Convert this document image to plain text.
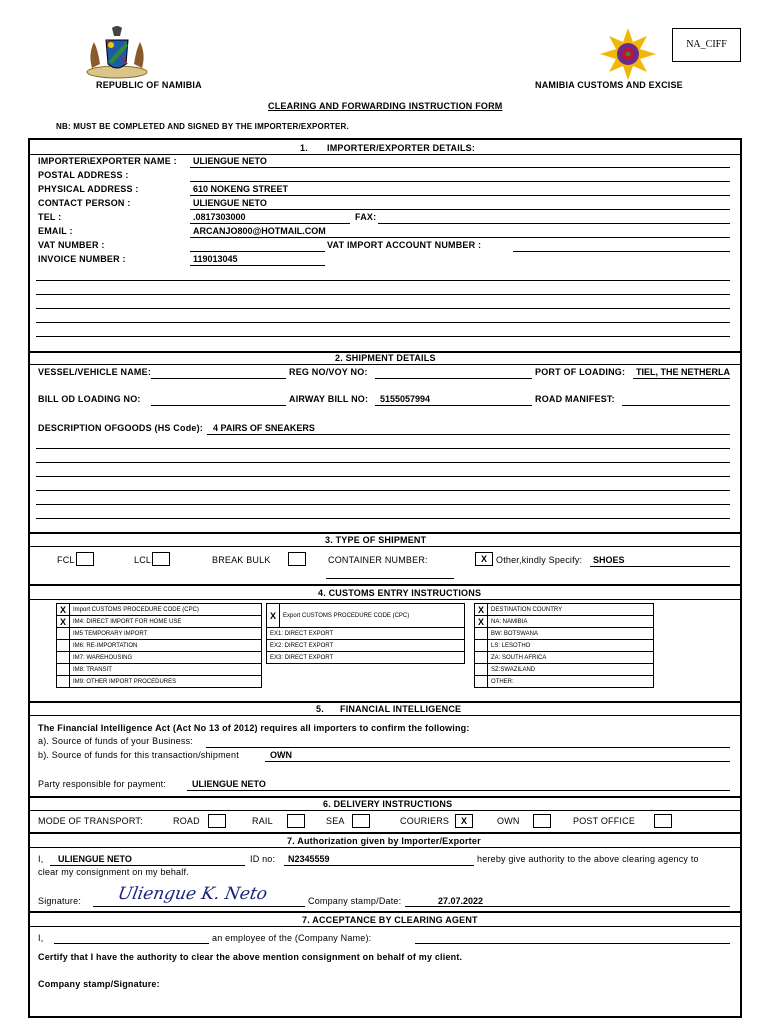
NA_CIFF
REPUBLIC OF NAMIBIA	NAMIBIA CUSTOMS AND EXCISE
CLEARING AND FORWARDING INSTRUCTION FORM
NB: MUST BE COMPLETED AND SIGNED BY THE IMPORTER/EXPORTER.
1. IMPORTER/EXPORTER DETAILS:
IMPORTER\EXPORTER NAME : ULIENGUE NETO
POSTAL ADDRESS :
PHYSICAL ADDRESS :	610 NOKENG STREET
CONTACT PERSON :	ULIENGUE NETO
TEL :	.0817303000	FAX:
EMAIL :	ARCANJO800@HOTMAIL.COM
VAT NUMBER :	VAT IMPORT ACCOUNT NUMBER :
INVOICE NUMBER :	119013045
2. SHIPMENT DETAILS
VESSEL/VEHICLE NAME:	REG NO/VOY NO:	PORT OF LOADING: TIEL, THE NETHERLA
BILL OD LOADING NO:	AIRWAY BILL NO: 5155057994	ROAD MANIFEST:
DESCRIPTION OFGOODS (HS Code): 4 PAIRS OF SNEAKERS
3. TYPE OF SHIPMENT
FCL	LCL	BREAK BULK	CONTAINER NUMBER:	X	Other,kindly Specify: SHOES
4. CUSTOMS ENTRY INSTRUCTIONS
X	Import CUSTOMS PROCEDURE CODE (CPC)
X	IM4: DIRECT IMPORT FOR HOME USE
	IM5 TEMPORARY IMPORT
	IM6: RE-IMPORTATION
	IM7: WAREHOUSING
	IM8: TRANSIT
	IM9: OTHER IMPORT PROCEDURES
X	Export CUSTOMS PROCEDURE CODE (CPC)
EX1: DIRECT EXPORT
EX2: DIRECT EXPORT
EX3: DIRECT EXPORT
X	DESTINATION COUNTRY
X	NA: NAMIBIA
	BW: BOTSWANA
	LS: LESOTHO
	ZA: SOUTH AFRICA
	SZ:SWAZILAND
	OTHER:
5. FINANCIAL INTELLIGENCE
The Financial Intelligence Act (Act No 13 of 2012) requires all importers to confirm the following:
a). Source of funds of your Business:
b). Source of funds for this transaction/shipment	OWN
Party responsible for payment:	ULIENGUE NETO
6. DELIVERY INSTRUCTIONS
MODE OF TRANSPORT:	ROAD	RAIL	SEA	COURIERS	X	OWN	POST OFFICE
7. Authorization given by Importer/Exporter
I, ULIENGUE NETO	ID no: N2345559	hereby give authority to the above clearing agency to
clear my consignment on my behalf.
Signature: Uliengue K. Neto	Company stamp/Date:	27.07.2022
7. ACCEPTANCE BY CLEARING AGENT
I,	an employee of the (Company Name):
Certify that I have the authority to clear the above mention consignment on behalf of my client.
Company stamp/Signature:
